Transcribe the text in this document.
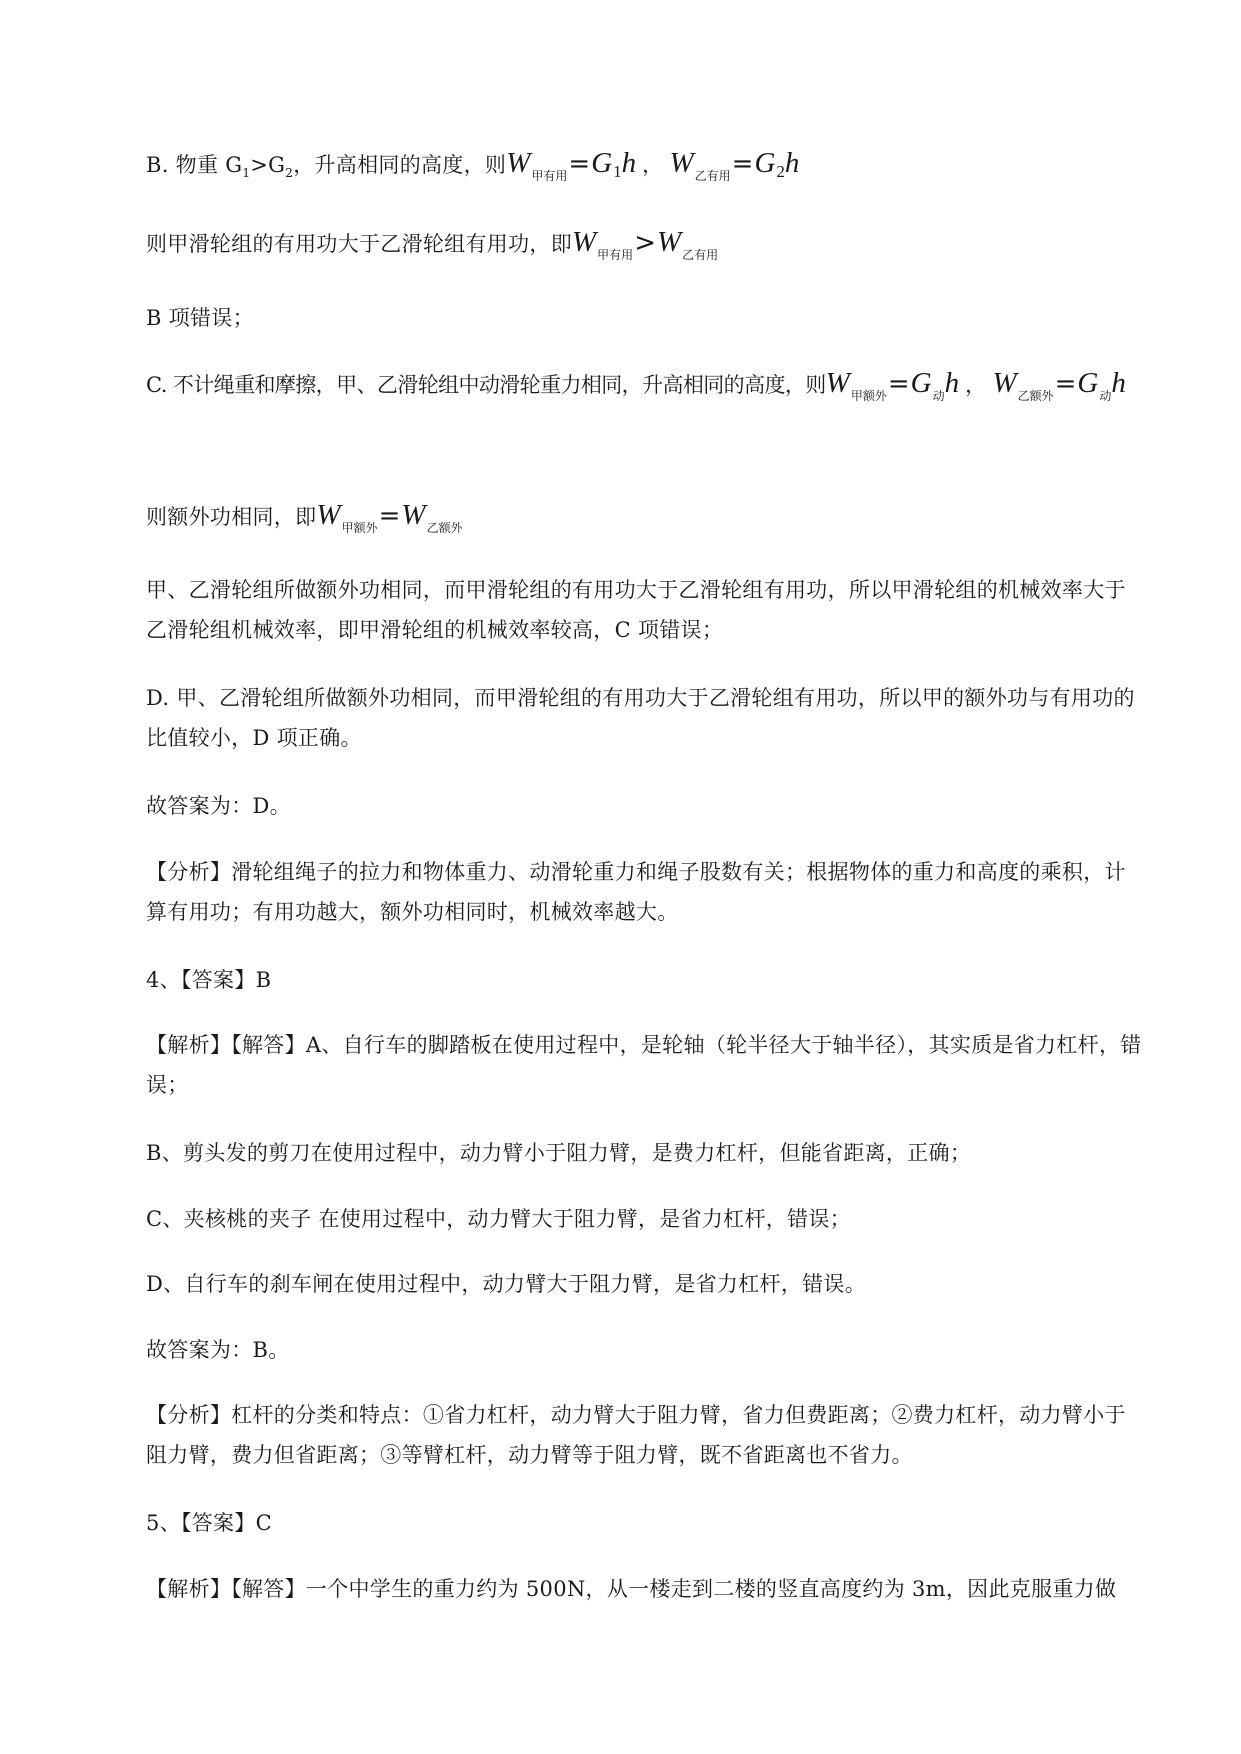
B. 物重 $G_1>G_2$，升高相同的高度，则$W_{甲有用}=G_1h$ ， $W_{乙有用}=G_2h$
则甲滑轮组的有用功大于乙滑轮组有用功，即$W_{甲有用}>W_{乙有用}$
B 项错误；
C. 不计绳重和摩擦，甲、乙滑轮组中动滑轮重力相同，升高相同的高度，则$W_{甲额外}=G_动h$ ， $W_{乙额外}=G_动h$
则额外功相同，即$W_{甲额外}=W_{乙额外}$
甲、乙滑轮组所做额外功相同，而甲滑轮组的有用功大于乙滑轮组有用功，所以甲滑轮组的机械效率大于乙滑轮组机械效率，即甲滑轮组的机械效率较高，C 项错误；
D. 甲、乙滑轮组所做额外功相同，而甲滑轮组的有用功大于乙滑轮组有用功，所以甲的额外功与有用功的比值较小，D 项正确。
故答案为：D。
【分析】滑轮组绳子的拉力和物体重力、动滑轮重力和绳子股数有关；根据物体的重力和高度的乘积，计算有用功；有用功越大，额外功相同时，机械效率越大。
4、【答案】B
【解析】【解答】A、自行车的脚踏板在使用过程中，是轮轴（轮半径大于轴半径），其实质是省力杠杆，错误；
B、剪头发的剪刀在使用过程中，动力臂小于阻力臂，是费力杠杆，但能省距离，正确；
C、夹核桃的夹子 在使用过程中，动力臂大于阻力臂，是省力杠杆，错误；
D、自行车的刹车闸在使用过程中，动力臂大于阻力臂，是省力杠杆，错误。
故答案为：B。
【分析】杠杆的分类和特点：①省力杠杆，动力臂大于阻力臂，省力但费距离；②费力杠杆，动力臂小于阻力臂，费力但省距离；③等臂杠杆，动力臂等于阻力臂，既不省距离也不省力。
5、【答案】C
【解析】【解答】一个中学生的重力约为 500N，从一楼走到二楼的竖直高度约为 3m，因此克服重力做
